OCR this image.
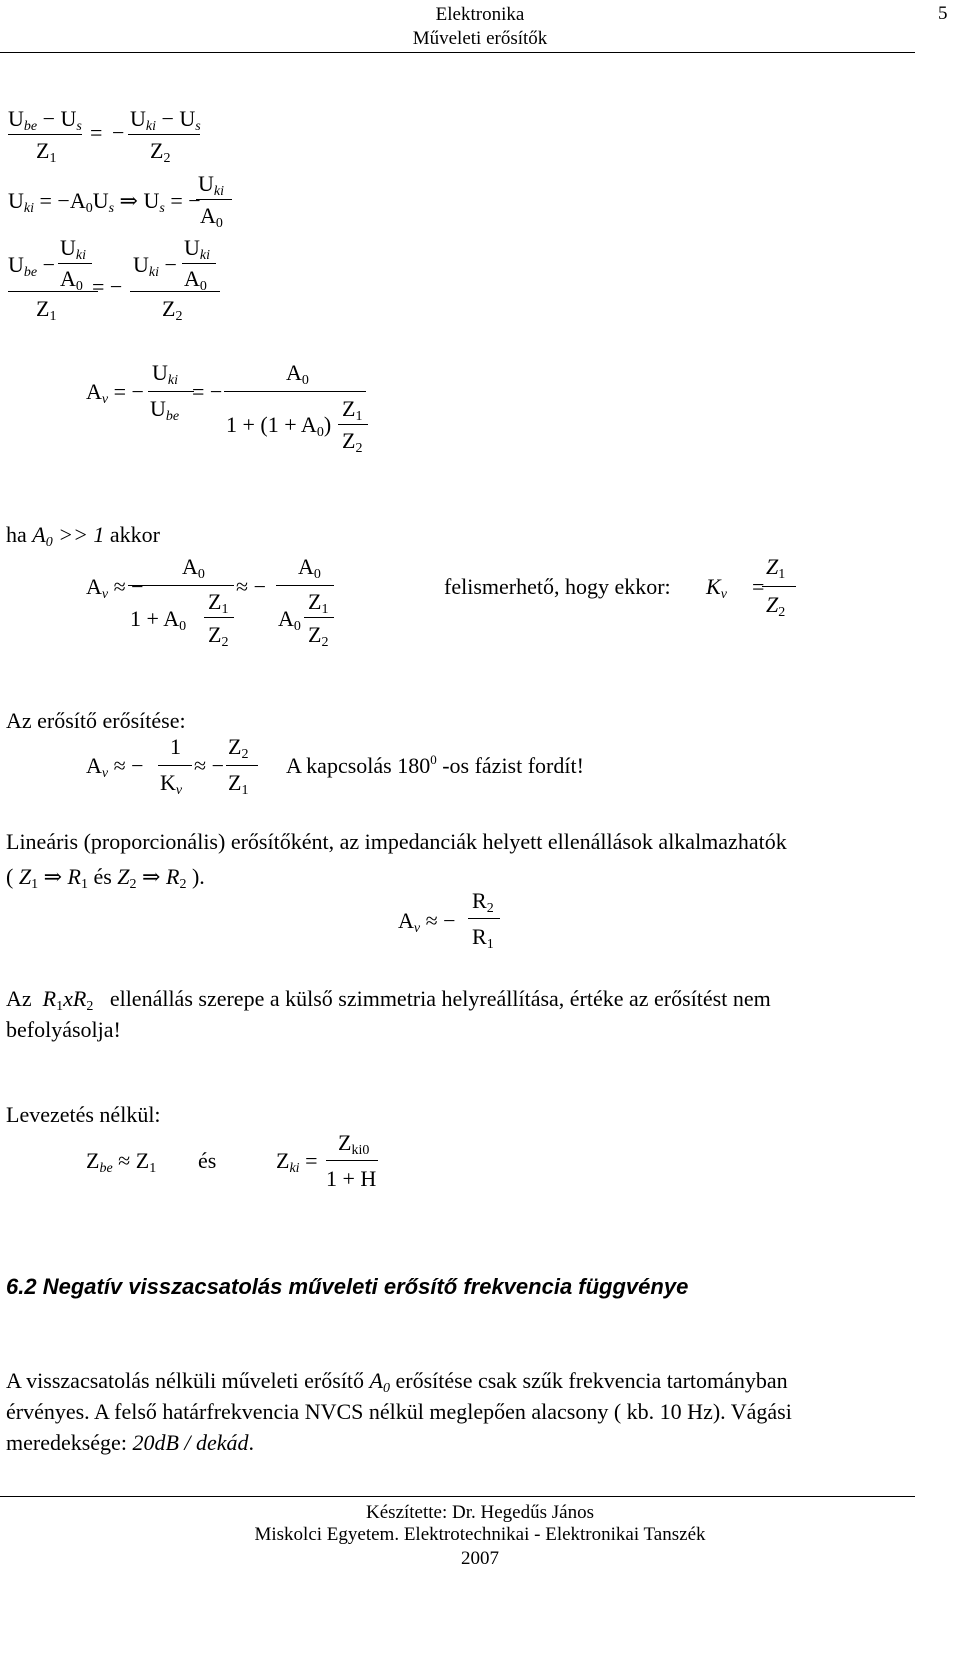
Elektronika
Műveleti erősítők
5
Ube − Us = −
Uki − Us
Z1	Z2
Uki = −A0Us ⇒ Us = −
Uki
A0
Ube −
Uki
A0
Z1
= −
Uki −
Uki
A0
Z2
Av = −
Uki
Ube
= −
A0
1 + (1 + A0)
Z1
Z2
ha A0 >> 1 akkor
Av ≈ −
A0
Z1
1 + A0 Z2
≈ −
A0
Z1
A0 Z2
felismerhető, hogy ekkor: Kv =
Z1
Z2
Az erősítő erősítése:
Av ≈ −
1
Kv
≈ −
Z2
Z1
A kapcsolás $180^0$ -os fázist fordít!
Lineáris (proporcionális) erősítőként, az impedanciák helyett ellenállások alkalmazhatók
( Z1 ⇒ R1 és Z2 ⇒ R2 ).
Av ≈ −
R2
R1
Az R1xR2 ellenállás szerepe a külső szimmetria helyreállítása, értéke az erősítést nem
befolyásolja!
Levezetés nélkül:
Zbe ≈ Z1 és	Zki =
Zki0
1 + H
6.2 Negatív visszacsatolás műveleti erősítő frekvencia függvénye
A visszacsatolás nélküli műveleti erősítő A0 erősítése csak szűk frekvencia tartományban
érvényes. A felső határfrekvencia NVCS nélkül meglepően alacsony ( kb. 10 Hz). Vágási
meredeksége: 20dB / dekád.
Készítette: Dr. Hegedűs János
Miskolci Egyetem. Elektrotechnikai - Elektronikai Tanszék
2007
